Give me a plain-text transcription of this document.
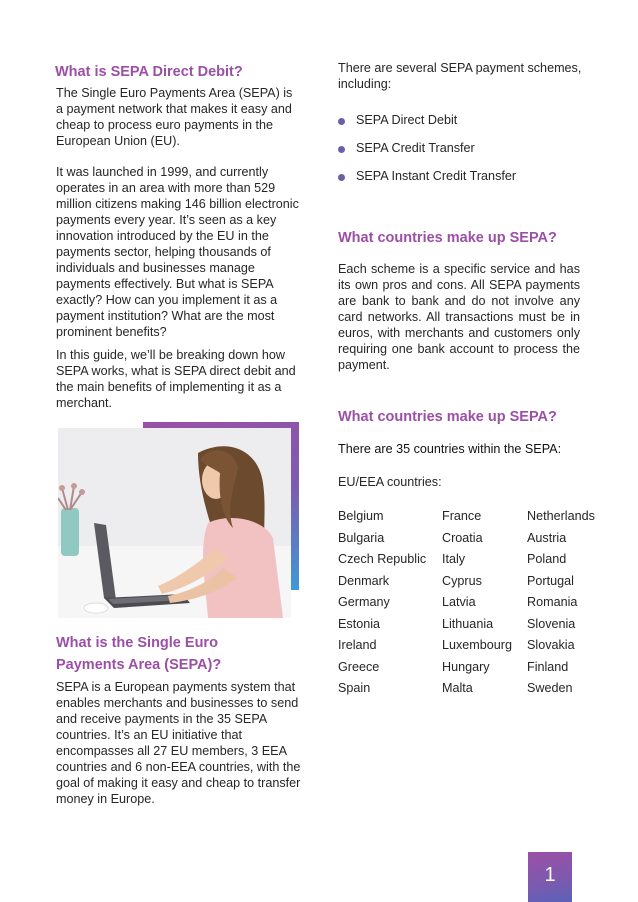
What is SEPA Direct Debit?

The Single Euro Payments Area (SEPA) is a payment network that makes it easy and cheap to process euro payments in the European Union (EU).

It was launched in 1999, and currently operates in an area with more than 529 million citizens making 146 billion electronic payments every year. It’s seen as a key innovation introduced by the EU in the payments sector, helping thousands of individuals and businesses manage payments effectively. But what is SEPA exactly? How can you implement it as a payment institution? What are the most prominent benefits?

In this guide, we’ll be breaking down how SEPA works, what is SEPA direct debit and the main benefits of implementing it as a merchant.

What is the Single Euro Payments Area (SEPA)?

SEPA is a European payments system that enables merchants and businesses to send and receive payments in the 35 SEPA countries. It’s an EU initiative that encompasses all 27 EU members, 3 EEA countries and 6 non-EEA countries, with the goal of making it easy and cheap to transfer money in Europe.

There are several SEPA payment schemes, including:

SEPA Direct Debit
SEPA Credit Transfer
SEPA Instant Credit Transfer
What countries make up SEPA?

Each scheme is a specific service and has its own pros and cons. All SEPA payments are bank to bank and do not involve any card networks. All transactions must be in euros, with merchants and customers only requiring one bank account to process the payment.

What countries make up SEPA?

There are 35 countries within the SEPA:

EU/EEA countries:

Belgium	France	Netherlands
Bulgaria	Croatia	Austria
Czech Republic	Italy	Poland
Denmark	Cyprus	Portugal
Germany	Latvia	Romania
Estonia	Lithuania	Slovenia
Ireland	Luxembourg	Slovakia
Greece	Hungary	Finland
Spain	Malta	Sweden
1
